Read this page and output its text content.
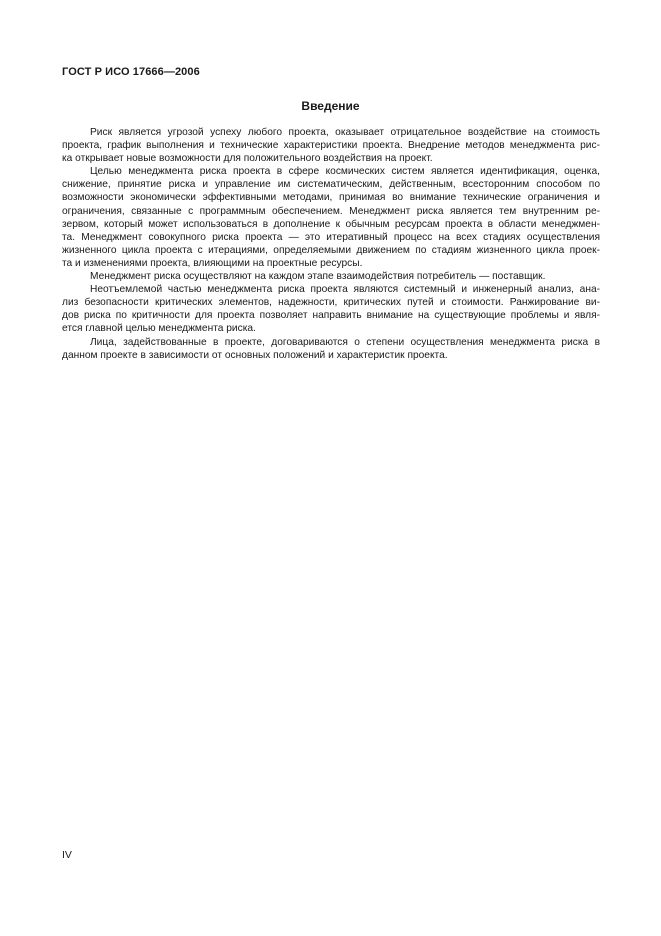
ГОСТ Р ИСО 17666—2006
Введение
Риск является угрозой успеху любого проекта, оказывает отрицательное воздействие на стоимость
проекта, график выполнения и технические характеристики проекта. Внедрение методов менеджмента рис-
ка открывает новые возможности для положительного воздействия на проект.
Целью менеджмента риска проекта в сфере космических систем является идентификация, оценка,
снижение, принятие риска и управление им систематическим, действенным, всесторонним способом по
возможности экономически эффективными методами, принимая во внимание технические ограничения и
ограничения, связанные с программным обеспечением. Менеджмент риска является тем внутренним ре-
зервом, который может использоваться в дополнение к обычным ресурсам проекта в области менеджмен-
та. Менеджмент совокупного риска проекта — это итеративный процесс на всех стадиях осуществления
жизненного цикла проекта с итерациями, определяемыми движением по стадиям жизненного цикла проек-
та и изменениями проекта, влияющими на проектные ресурсы.
Менеджмент риска осуществляют на каждом этапе взаимодействия потребитель — поставщик.
Неотъемлемой частью менеджмента риска проекта являются системный и инженерный анализ, ана-
лиз безопасности критических элементов, надежности, критических путей и стоимости. Ранжирование ви-
дов риска по критичности для проекта позволяет направить внимание на существующие проблемы и явля-
ется главной целью менеджмента риска.
Лица, задействованные в проекте, договариваются о степени осуществления менеджмента риска в
данном проекте в зависимости от основных положений и характеристик проекта.
IV
